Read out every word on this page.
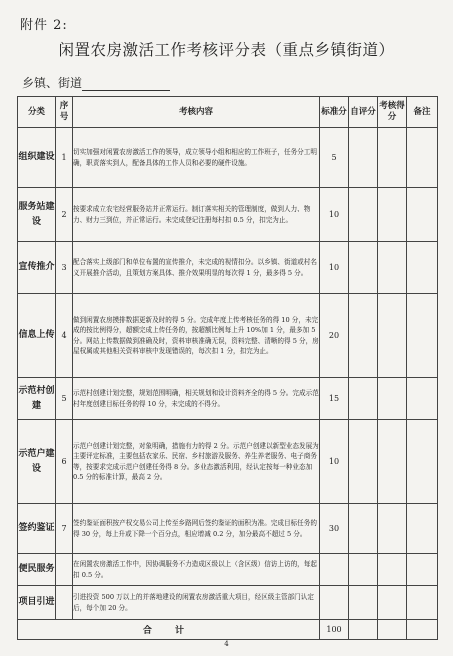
附件 2:
闲置农房激活工作考核评分表（重点乡镇街道）
乡镇、街道
分类	序号	考核内容	标准分	自评分	考核得分	备注
组织建设	1	切实加强对闲置农房激活工作的领导，成立领导小组和相应的工作班子，任务分工明确，职责落实到人，配备具体的工作人员和必要的硬件设施。	5			
服务站建设	2	按要求成立农宅经营服务站并正常运行。制订落实相关的管理制度，做到人力、物力、财力三到位，并正常运行。未完成登记注册每村扣 0.5 分，扣完为止。	10			
宣传推介	3	配合落实上级部门和单位布置的宣传推介，未完成的视情扣分。以乡镇、街道或村名义开展推介活动，且策划方案具体、推介效果明显的每次得 1 分，最多得 5 分。	10			
信息上传	4	做到闲置农房摸排数据更新及时的得 5 分。完成年度上传考核任务的得 10 分，未完成的按比例得分，超额完成上传任务的，按超额比例每上升 10%加 1 分，最多加 5 分。网站上传数据做到准确及时，资料审核准确无误，资料完整、清晰的得 5 分，房屋权属或其他相关资料审核中发现错误的，每次扣 1 分，扣完为止。	20			
示范村创建	5	示范村创建计划完整，规划范围明确，相关规划和设计资料齐全的得 5 分。完成示范村年度创建目标任务的得 10 分，未完成的不得分。	15			
示范户建设	6	示范户创建计划完整，对象明确，措施有力的得 2 分。示范户创建以新型业态发展为主要评定标准，主要包括农家乐、民宿、乡村旅游及服务、养生养老服务、电子商务等，按要求完成示范户创建任务得 8 分。多业态激活利用，经认定按每一种业态加 0.5 分的标准计算，最高 2 分。	10			
签约鉴证	7	签约鉴证面积按产权交易公司上传至乡路网后签约鉴证的面积为准。完成目标任务的得 30 分，每上升或下降一个百分点，相应增减 0.2 分，加分最高不超过 5 分。	30			
便民服务		在闲置农房激活工作中，因协调服务不力造成区级以上（含区级）信访上访的，每起扣 0.5 分。				
项目引进		引进投资 500 万以上的并落地建设的闲置农房激活重大项目，经区级主管部门认定后，每个加 20 分。				
合 计			100			
4
